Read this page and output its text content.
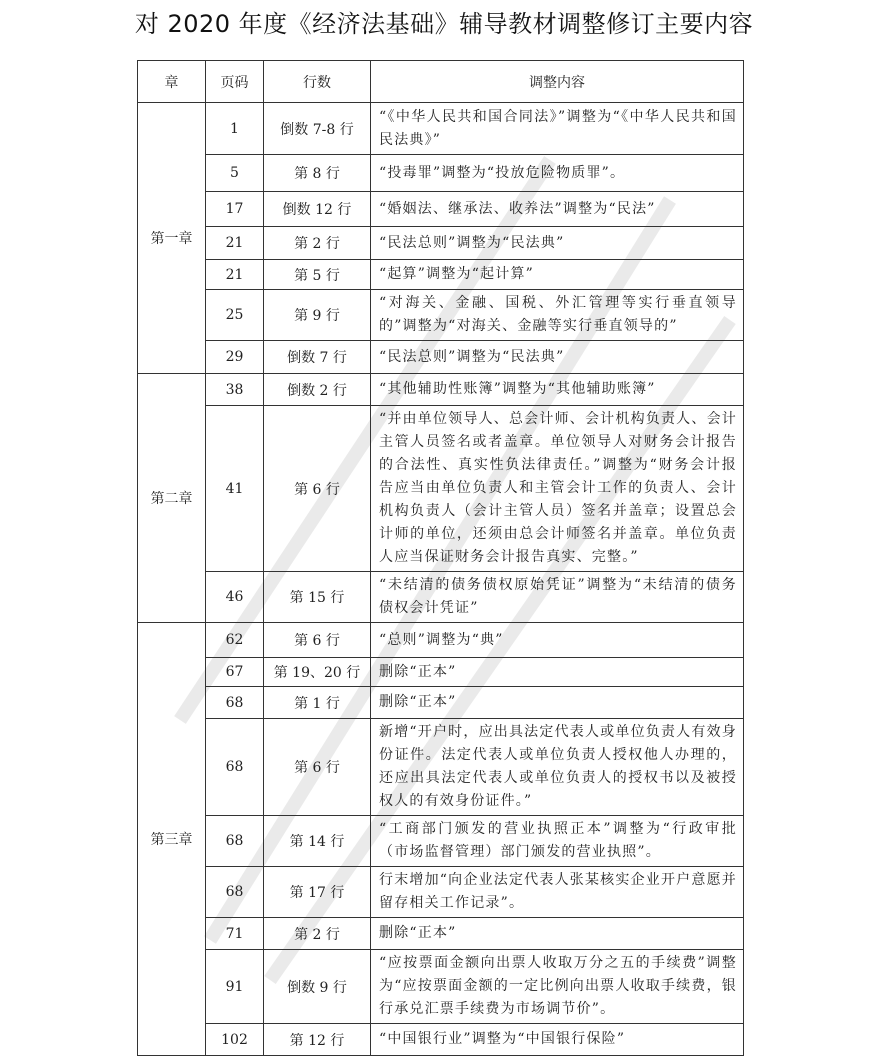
对 2020 年度《经济法基础》辅导教材调整修订主要内容
章	页码	行数	调整内容
第一章	1	倒数 7-8 行	“《中华人民共和国合同法》”调整为“《中华人民共和国民法典》”
	5	第 8 行	“投毒罪”调整为“投放危险物质罪”。
	17	倒数 12 行	“婚姻法、继承法、收养法”调整为“民法”
	21	第 2 行	“民法总则”调整为“民法典”
	21	第 5 行	“起算”调整为“起计算”
	25	第 9 行	“对海关、金融、国税、外汇管理等实行垂直领导的”调整为“对海关、金融等实行垂直领导的”
	29	倒数 7 行	“民法总则”调整为“民法典”
第二章	38	倒数 2 行	“其他辅助性账簿”调整为“其他辅助账簿”
	41	第 6 行	“并由单位领导人、总会计师、会计机构负责人、会计主管人员签名或者盖章。单位领导人对财务会计报告的合法性、真实性负法律责任。”调整为“财务会计报告应当由单位负责人和主管会计工作的负责人、会计机构负责人（会计主管人员）签名并盖章；设置总会计师的单位，还须由总会计师签名并盖章。单位负责人应当保证财务会计报告真实、完整。”
	46	第 15 行	“未结清的债务债权原始凭证”调整为“未结清的债务债权会计凭证”
第三章	62	第 6 行	“总则”调整为“典”
	67	第 19、20 行	删除“正本”
	68	第 1 行	删除“正本”
	68	第 6 行	新增“开户时，应出具法定代表人或单位负责人有效身份证件。法定代表人或单位负责人授权他人办理的，还应出具法定代表人或单位负责人的授权书以及被授权人的有效身份证件。”
	68	第 14 行	“工商部门颁发的营业执照正本”调整为“行政审批（市场监督管理）部门颁发的营业执照”。
	68	第 17 行	行末增加“向企业法定代表人张某核实企业开户意愿并留存相关工作记录”。
	71	第 2 行	删除“正本”
	91	倒数 9 行	“应按票面金额向出票人收取万分之五的手续费”调整为“应按票面金额的一定比例向出票人收取手续费，银行承兑汇票手续费为市场调节价”。
	102	第 12 行	“中国银行业”调整为“中国银行保险”
